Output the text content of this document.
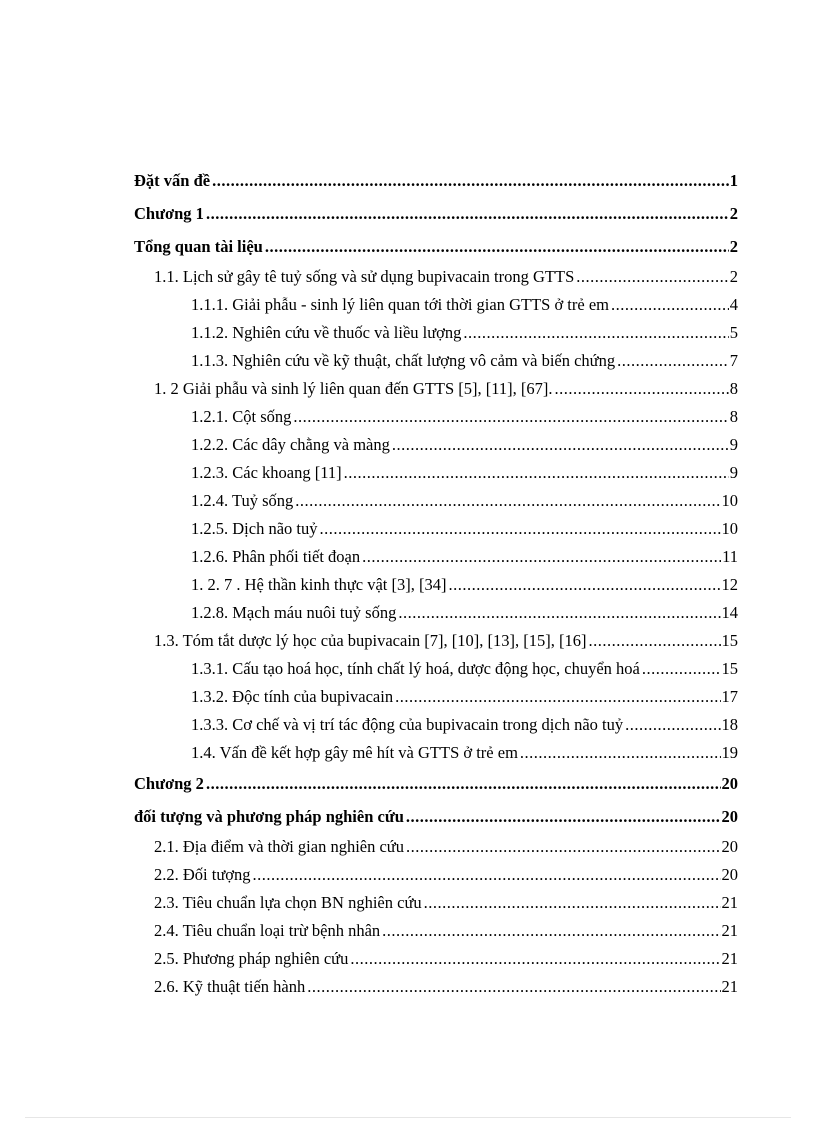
Đặt vấn đề .....	1
Chương 1 .....	2
Tổng quan tài liệu .....	2
1.1. Lịch sử gây tê tuỷ sống và sử dụng bupivacain trong GTTS .....	2
1.1.1. Giải phẫu - sinh lý liên quan tới thời gian GTTS ở trẻ em .....	4
1.1.2. Nghiên cứu về thuốc và liều lượng .....	5
1.1.3. Nghiên cứu về kỹ thuật, chất lượng vô cảm và biến chứng .....	7
1. 2 Giải phẫu và sinh lý liên quan đến GTTS [5], [11], [67]. .....	8
1.2.1. Cột sống .....	8
1.2.2. Các dây chằng và màng .....	9
1.2.3. Các khoang [11] .....	9
1.2.4. Tuỷ sống .....	10
1.2.5. Dịch não tuỷ .....	10
1.2.6. Phân phối tiết đoạn .....	11
1. 2. 7 . Hệ thần kinh thực vật [3], [34] .....	12
1.2.8. Mạch máu nuôi tuỷ sống .....	14
1.3. Tóm tắt dược lý học của bupivacain [7], [10], [13], [15], [16] .....	15
1.3.1. Cấu tạo hoá học, tính chất lý hoá, dược động học, chuyển hoá .....	15
1.3.2. Độc tính của bupivacain .....	17
1.3.3. Cơ chế và vị trí tác động của bupivacain trong dịch não tuỷ .....	18
1.4. Vấn đề kết hợp gây mê hít và GTTS ở trẻ em .....	19
Chương 2 .....	20
đối tượng và phương pháp nghiên cứu .....	20
2.1. Địa điểm và thời gian nghiên cứu .....	20
2.2. Đối tượng .....	20
2.3. Tiêu chuẩn lựa chọn BN nghiên cứu .....	21
2.4. Tiêu chuẩn loại trừ bệnh nhân .....	21
2.5. Phương pháp nghiên cứu .....	21
2.6. Kỹ thuật tiến hành .....	21
